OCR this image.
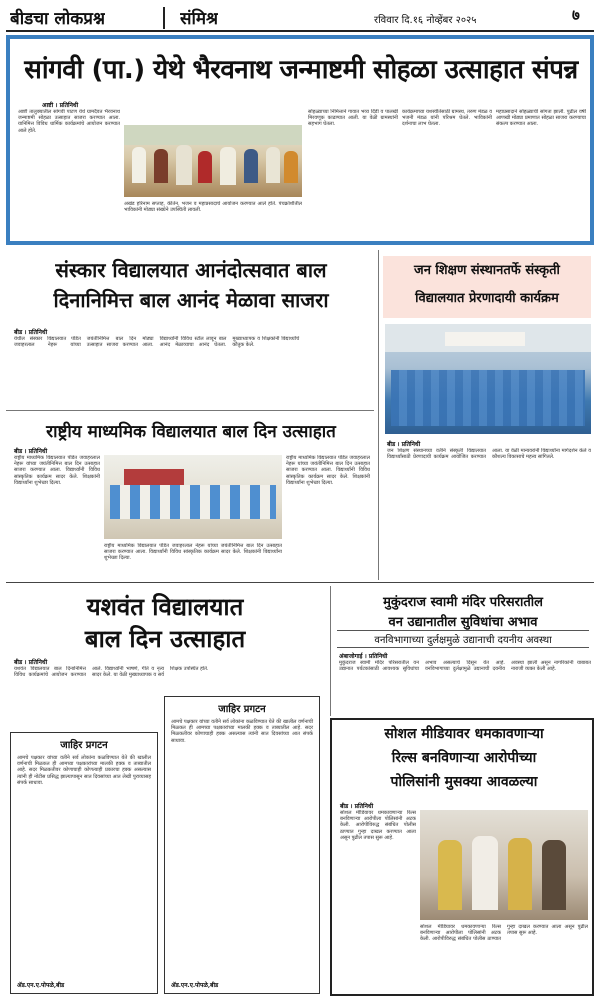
बीडचा लोकप्रश्न	संमिश्र	रविवार दि.१६ नोव्हेंबर २०२५	७
सांगवी (पा.) येथे भैरवनाथ जन्माष्टमी सोहळा उत्साहात संपन्न
आष्टी । प्रतिनिधी
आष्टी तालुक्यातील सांगवी पाटण येथे ग्रामदैवत भैरवनाथ जन्माष्टमी सोहळा उत्साहात साजरा करण्यात आला. यानिमित्त विविध धार्मिक कार्यक्रमांचे आयोजन करण्यात आले होते.
अखंड हरिनाम सप्ताह, कीर्तन, भजन व महाप्रसादाचे आयोजन करण्यात आले होते. पंचक्रोशीतील भाविकांनी मोठ्या संख्येने उपस्थिती लावली.
सोहळ्याच्या निमित्ताने गावात भव्य दिंडी व पालखी मिरवणूक काढण्यात आली. या वेळी ग्रामस्थांनी सहभाग घेतला.
कार्यक्रमाच्या यशस्वीतेसाठी ग्रामस्थ, तरुण मंडळ व भजनी मंडळ यांनी परिश्रम घेतले. भाविकांनी दर्शनाचा लाभ घेतला.
महाप्रसादाने सोहळ्याची सांगता झाली. पुढील वर्षी आणखी मोठ्या प्रमाणात सोहळा साजरा करण्याचा संकल्प करण्यात आला.
संस्कार विद्यालयात आनंदोत्सवात बाल
दिनानिमित्त बाल आनंद मेळावा साजरा
बीड । प्रतिनिधी
येथील संस्कार विद्यालयात पंडित जवाहरलाल नेहरू यांच्या जयंतीनिमित्त बाल दिन मोठ्या उत्साहात साजरा करण्यात आला. विद्यार्थ्यांनी विविध स्टॉल लावून बाल आनंद मेळाव्याचा आनंद घेतला. मुख्याध्यापक व शिक्षकांनी विद्यार्थ्यांचे कौतुक केले.
जन शिक्षण संस्थानतर्फे संस्कृती
विद्यालयात प्रेरणादायी कार्यक्रम
बीड । प्रतिनिधी
जन शिक्षण संस्थानच्या वतीने संस्कृती विद्यालयात विद्यार्थ्यांसाठी प्रेरणादायी कार्यक्रम आयोजित करण्यात आला. या वेळी मान्यवरांनी विद्यार्थ्यांना मार्गदर्शन केले व कौशल्य विकासाचे महत्त्व सांगितले.
राष्ट्रीय माध्यमिक विद्यालयात बाल दिन उत्साहात
बीड । प्रतिनिधी
राष्ट्रीय माध्यमिक विद्यालयात पंडित जवाहरलाल नेहरू यांच्या जयंतीनिमित्त बाल दिन उत्साहात साजरा करण्यात आला. विद्यार्थ्यांनी विविध सांस्कृतिक कार्यक्रम सादर केले. शिक्षकांनी विद्यार्थ्यांना शुभेच्छा दिल्या.
राष्ट्रीय माध्यमिक विद्यालयात पंडित जवाहरलाल नेहरू यांच्या जयंतीनिमित्त बाल दिन उत्साहात साजरा करण्यात आला. विद्यार्थ्यांनी विविध सांस्कृतिक कार्यक्रम सादर केले. शिक्षकांनी विद्यार्थ्यांना शुभेच्छा दिल्या.
राष्ट्रीय माध्यमिक विद्यालयात पंडित जवाहरलाल नेहरू यांच्या जयंतीनिमित्त बाल दिन उत्साहात साजरा करण्यात आला. विद्यार्थ्यांनी विविध सांस्कृतिक कार्यक्रम सादर केले. शिक्षकांनी विद्यार्थ्यांना शुभेच्छा दिल्या.
यशवंत विद्यालयात
बाल दिन उत्साहात
बीड । प्रतिनिधी
यशवंत विद्यालयात बाल दिनानिमित्त विविध कार्यक्रमांचे आयोजन करण्यात आले. विद्यार्थ्यांनी भाषणे, गीते व नृत्य सादर केले. या वेळी मुख्याध्यापक व सर्व शिक्षक उपस्थित होते.
जाहिर प्रगटन
आमचे पक्षकार यांच्या वतीने सर्व लोकांना कळविण्यात येते की खालील वर्णनाची मिळकत ही आमच्या पक्षकारांच्या मालकी हक्क व ताब्यातील आहे. सदर मिळकतीवर कोणाचाही कोणत्याही प्रकारचा हक्क असल्यास त्यांनी ही नोटीस प्रसिद्ध झाल्यापासून सात दिवसांच्या आत लेखी पुराव्यासह संपर्क साधावा.
ॲड.एन.ए.पोपळे,बीड
जाहिर प्रगटन
आमचे पक्षकार यांच्या वतीने सर्व लोकांना कळविण्यात येते की खालील वर्णनाची मिळकत ही आमच्या पक्षकारांच्या मालकी हक्क व ताब्यातील आहे. सदर मिळकतीवर कोणाचाही हक्क असल्यास त्यांनी सात दिवसांच्या आत संपर्क साधावा.
ॲड.एन.ए.पोपळे,बीड
मुकुंदराज स्वामी मंदिर परिसरातील
वन उद्यानातील सुविधांचा अभाव
वनविभागाच्या दुर्लक्षमुळे उद्यानाची दयनीय अवस्था
अंबाजोगाई । प्रतिनिधी
मुकुंदराज स्वामी मंदिर परिसरातील वन उद्यानात पर्यटकांसाठी आवश्यक सुविधांचा अभाव असल्याचे दिसून येत आहे. वनविभागाच्या दुर्लक्षामुळे उद्यानाची दयनीय अवस्था झाली असून नागरिकांनी याबाबत नाराजी व्यक्त केली आहे.
सोशल मीडियावर धमकावणाऱ्या
रिल्स बनविणाऱ्या आरोपीच्या
पोलिसांनी मुसक्या आवळल्या
बीड । प्रतिनिधी
सोशल मीडियावर धमकावणाऱ्या रिल्स बनविणाऱ्या आरोपीला पोलिसांनी अटक केली. आरोपीविरुद्ध संबंधित पोलीस ठाण्यात गुन्हा दाखल करण्यात आला असून पुढील तपास सुरू आहे.
सोशल मीडियावर धमकावणाऱ्या रिल्स बनविणाऱ्या आरोपीला पोलिसांनी अटक केली. आरोपीविरुद्ध संबंधित पोलीस ठाण्यात गुन्हा दाखल करण्यात आला असून पुढील तपास सुरू आहे.
